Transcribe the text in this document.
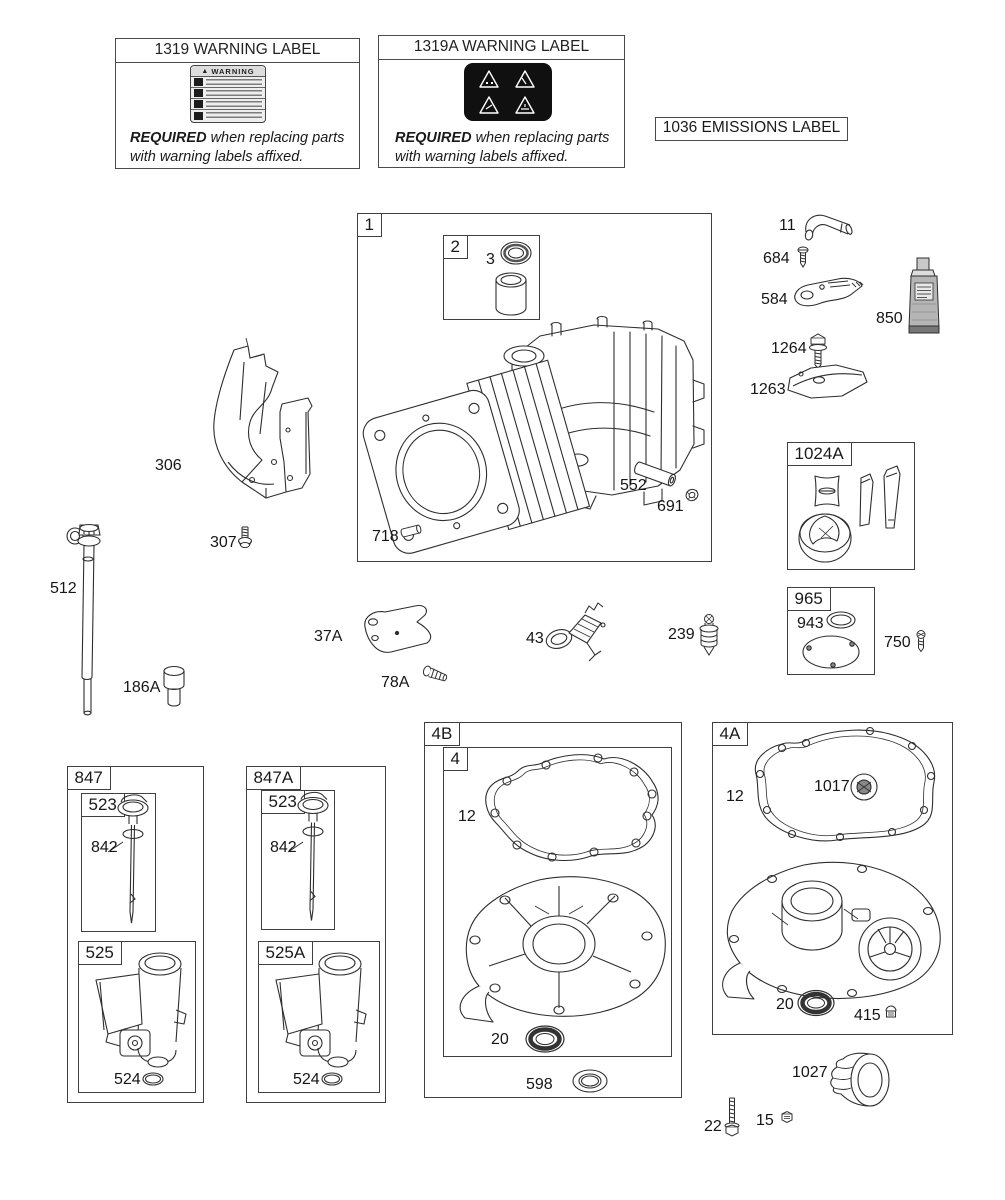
1319 WARNING LABEL
▲ WARNING
REQUIRED when replacing parts with warning labels affixed.
1319A WARNING LABEL
REQUIRED when replacing parts with warning labels affixed.
1036 EMISSIONS LABEL
1
2
3
718
552
691
11
684
584
850
1264
1263
1024A
965
943
750
306
307
512
186A
37A
78A
43	239
847
523
842
525
524
847A
523
842
525A
524
4B
4
12
20
598
4A
12
1017
20
415
1027
22 15
